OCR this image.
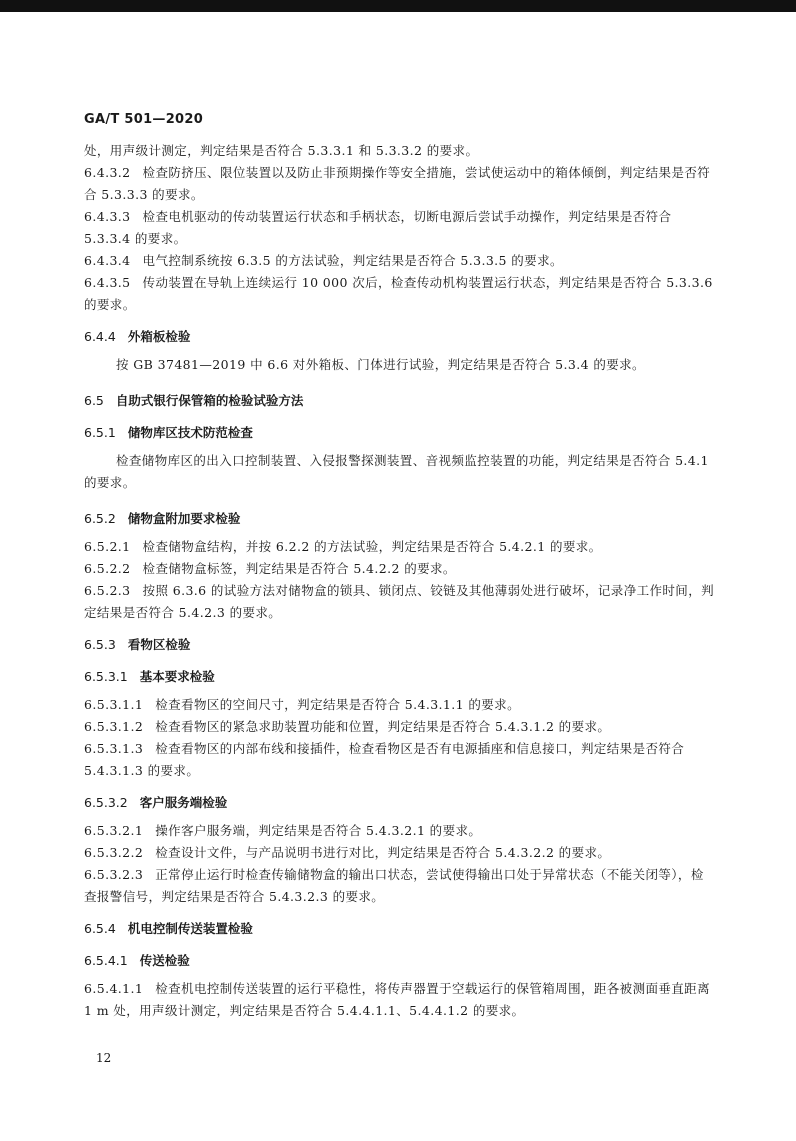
GA/T 501—2020

处，用声级计测定，判定结果是否符合 5.3.3.1 和 5.3.3.2 的要求。

6.4.3.2 检查防挤压、限位装置以及防止非预期操作等安全措施，尝试使运动中的箱体倾倒，判定结果是否符合 5.3.3.3 的要求。

6.4.3.3 检查电机驱动的传动装置运行状态和手柄状态，切断电源后尝试手动操作，判定结果是否符合 5.3.3.4 的要求。

6.4.3.4 电气控制系统按 6.3.5 的方法试验，判定结果是否符合 5.3.3.5 的要求。

6.4.3.5 传动装置在导轨上连续运行 10 000 次后，检查传动机构装置运行状态，判定结果是否符合 5.3.3.6 的要求。

6.4.4 外箱板检验

按 GB 37481—2019 中 6.6 对外箱板、门体进行试验，判定结果是否符合 5.3.4 的要求。

6.5 自助式银行保管箱的检验试验方法
6.5.1 储物库区技术防范检查

检查储物库区的出入口控制装置、入侵报警探测装置、音视频监控装置的功能，判定结果是否符合 5.4.1 的要求。

6.5.2 储物盒附加要求检验

6.5.2.1 检查储物盒结构，并按 6.2.2 的方法试验，判定结果是否符合 5.4.2.1 的要求。

6.5.2.2 检查储物盒标签，判定结果是否符合 5.4.2.2 的要求。

6.5.2.3 按照 6.3.6 的试验方法对储物盒的锁具、锁闭点、铰链及其他薄弱处进行破坏，记录净工作时间，判定结果是否符合 5.4.2.3 的要求。

6.5.3 看物区检验
6.5.3.1 基本要求检验

6.5.3.1.1 检查看物区的空间尺寸，判定结果是否符合 5.4.3.1.1 的要求。

6.5.3.1.2 检查看物区的紧急求助装置功能和位置，判定结果是否符合 5.4.3.1.2 的要求。

6.5.3.1.3 检查看物区的内部布线和接插件，检查看物区是否有电源插座和信息接口，判定结果是否符合 5.4.3.1.3 的要求。

6.5.3.2 客户服务端检验

6.5.3.2.1 操作客户服务端，判定结果是否符合 5.4.3.2.1 的要求。

6.5.3.2.2 检查设计文件，与产品说明书进行对比，判定结果是否符合 5.4.3.2.2 的要求。

6.5.3.2.3 正常停止运行时检查传输储物盒的输出口状态，尝试使得输出口处于异常状态（不能关闭等），检查报警信号，判定结果是否符合 5.4.3.2.3 的要求。

6.5.4 机电控制传送装置检验
6.5.4.1 传送检验

6.5.4.1.1 检查机电控制传送装置的运行平稳性，将传声器置于空载运行的保管箱周围，距各被测面垂直距离 1 m 处，用声级计测定，判定结果是否符合 5.4.4.1.1、5.4.4.1.2 的要求。

12
